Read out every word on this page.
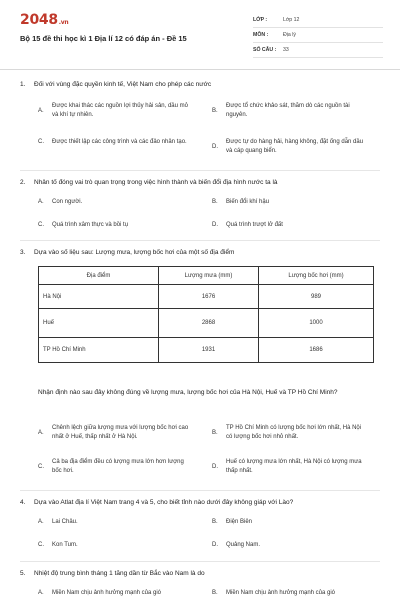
2048.vn
Bộ 15 đề thi học kì 1 Địa lí 12 có đáp án - Đề 15
LỚP :	Lớp 12
MÔN :	Địa lý
SỐ CÂU :	33
1.	Đối với vùng đặc quyền kinh tế, Việt Nam cho phép các nước
A.
Được khai thác các nguồn lợi thủy hải sản, dầu mỏ và khí tự nhiên.
B.
Được tổ chức khảo sát, thăm dò các nguồn tài nguyên.
C.	Được thiết lập các công trình và các đảo nhân tạo.
D.
Được tự do hàng hải, hàng không, đặt ống dẫn dầu và cáp quang biển.
2.	Nhân tố đóng vai trò quan trọng trong việc hình thành và biến đổi địa hình nước ta là
A.	Con người.	B.	Biến đổi khí hậu
C.	Quá trình xâm thực và bồi tụ	D.	Quá trình trượt lở đất
3.	Dựa vào số liệu sau: Lượng mưa, lượng bốc hơi của một số địa điểm
Địa điểm	Lượng mưa (mm)	Lượng bốc hơi (mm)
Hà Nội	1676	989
Huế	2868	1000
TP Hồ Chí Minh	1931	1686
Nhận định nào sau đây không đúng về lượng mưa, lượng bốc hơi của Hà Nội, Huế và TP Hồ Chí Minh?
A.
Chênh lệch giữa lượng mưa với lượng bốc hơi cao nhất ở Huế, thấp nhất ở Hà Nội.
B.
TP Hồ Chí Minh có lượng bốc hơi lớn nhất, Hà Nội có lượng bốc hơi nhỏ nhất.
C.
Cả ba địa điểm đều có lượng mưa lớn hơn lượng bốc hơi.
D.
Huế có lượng mưa lớn nhất, Hà Nội có lượng mưa thấp nhất.
4.	Dựa vào Atlat địa lí Việt Nam trang 4 và 5, cho biết tỉnh nào dưới đây không giáp với Lào?
A.	Lai Châu.	B.	Điện Biên
C.	Kon Tum.	D.	Quảng Nam.
5.	Nhiệt độ trung bình tháng 1 tăng dần từ Bắc vào Nam là do
A.	Miền Nam chịu ảnh hưởng mạnh của gió	B.	Miền Nam chịu ảnh hưởng mạnh của gió
